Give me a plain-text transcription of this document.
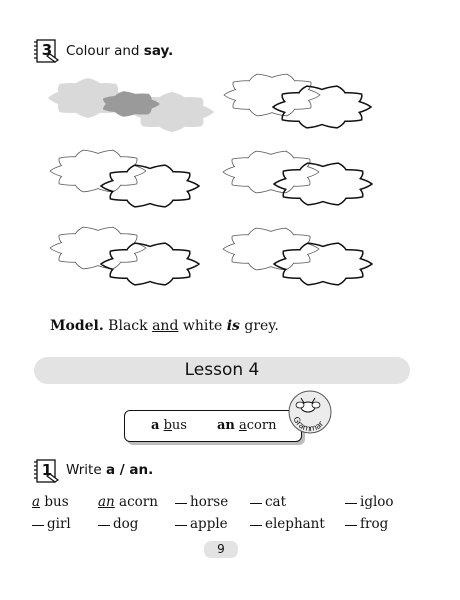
3 Colour and say.
Model. Black and white is grey.
Lesson 4
a bus an acorn Grammar
1 Write a / an.
a bus an acorn	horse	cat	igloo
girl	dog	apple	elephant	frog
9
